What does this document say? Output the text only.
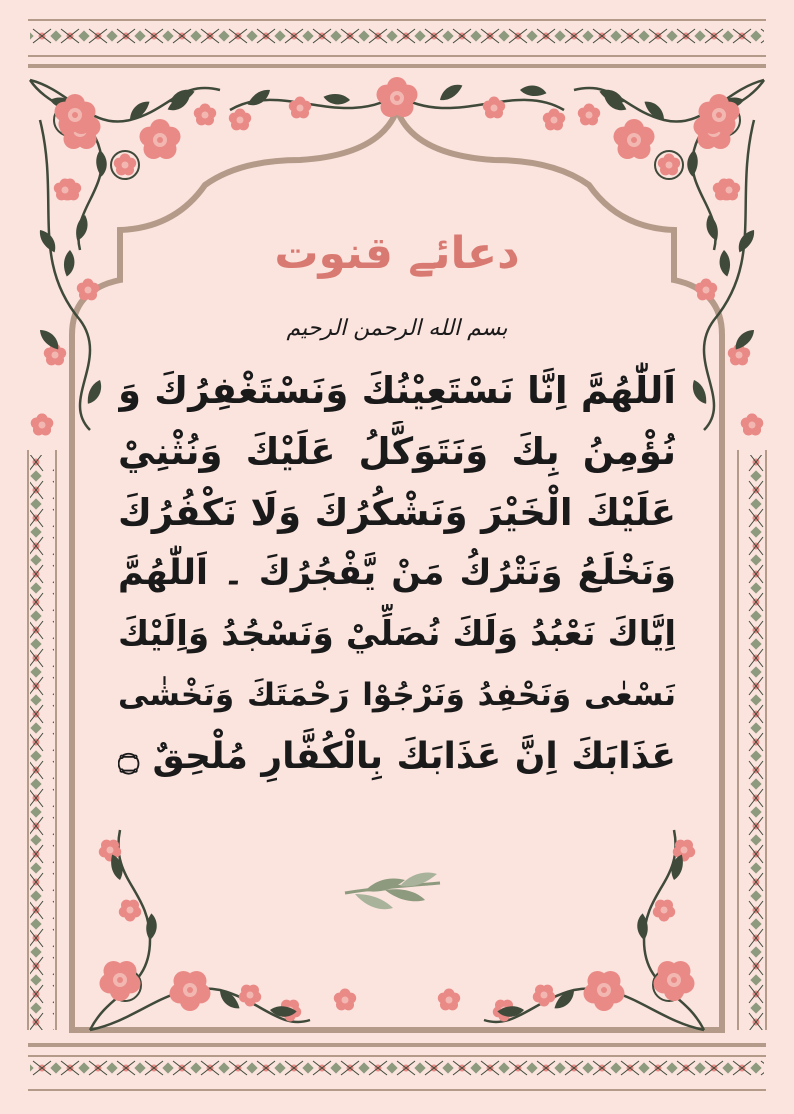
دعائے قنوت
بسم الله الرحمن الرحيم
اَللّٰهُمَّ اِنَّا نَسْتَعِيْنُكَ وَنَسْتَغْفِرُكَ وَ
نُؤْمِنُ بِكَ وَنَتَوَكَّلُ عَلَيْكَ وَنُثْنِيْ
عَلَيْكَ الْخَيْرَ وَنَشْكُرُكَ وَلَا نَكْفُرُكَ
وَنَخْلَعُ وَنَتْرُكُ مَنْ يَّفْجُرُكَ ۔ اَللّٰهُمَّ
اِيَّاكَ نَعْبُدُ وَلَكَ نُصَلِّيْ وَنَسْجُدُ وَاِلَيْكَ
نَسْعٰى وَنَحْفِدُ وَنَرْجُوْا رَحْمَتَكَ وَنَخْشٰى
عَذَابَكَ اِنَّ عَذَابَكَ بِالْكُفَّارِ مُلْحِقٌ ۝
